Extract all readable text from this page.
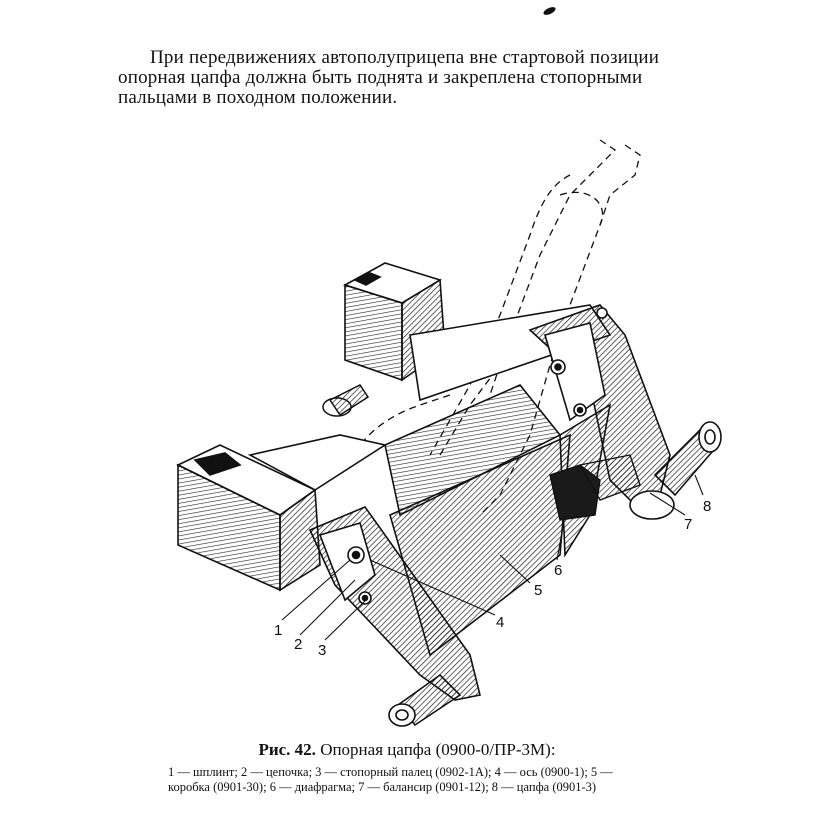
При передвижениях автополуприцепа вне стартовой позиции
опорная цапфа должна быть поднята и закреплена стопорными
пальцами в походном положении.
1
2 3
4
5
6
7
8
Рис. 42. Опорная цапфа (0900-0/ПР-3М):
1 — шплинт; 2 — цепочка; 3 — стопорный палец (0902-1А); 4 — ось (0900-1); 5 —
коробка (0901-30); 6 — диафрагма; 7 — балансир (0901-12); 8 — цапфа (0901-3)
